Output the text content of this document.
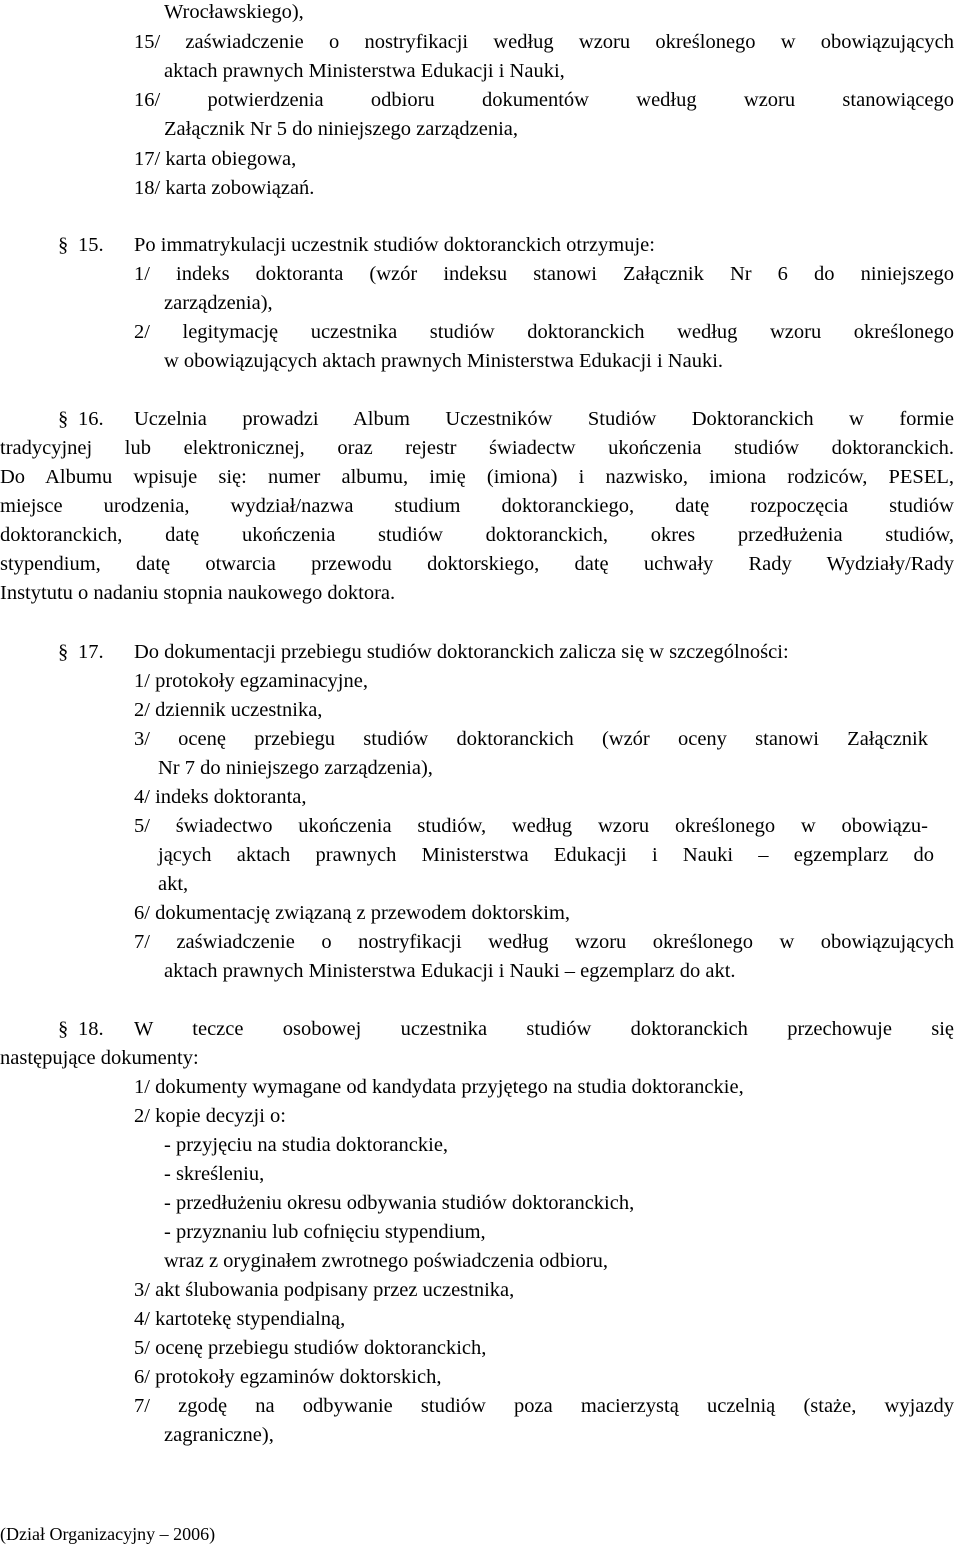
Wrocławskiego),
15/ zaświadczenie o nostryfikacji według wzoru określonego w obowiązujących
aktach prawnych Ministerstwa Edukacji i Nauki,
16/ potwierdzenia odbioru dokumentów według wzoru stanowiącego
Załącznik Nr 5 do niniejszego zarządzenia,
17/ karta obiegowa,
18/ karta zobowiązań.
§ 15. Po immatrykulacji uczestnik studiów doktoranckich otrzymuje:
1/ indeks doktoranta (wzór indeksu stanowi Załącznik Nr 6 do niniejszego
zarządzenia),
2/ legitymację uczestnika studiów doktoranckich według wzoru określonego
w obowiązujących aktach prawnych Ministerstwa Edukacji i Nauki.
§ 16. Uczelnia prowadzi Album Uczestników Studiów Doktoranckich w formie
tradycyjnej lub elektronicznej, oraz rejestr świadectw ukończenia studiów doktoranckich.
Do Albumu wpisuje się: numer albumu, imię (imiona) i nazwisko, imiona rodziców, PESEL,
miejsce urodzenia, wydział/nazwa studium doktoranckiego, datę rozpoczęcia studiów
doktoranckich, datę ukończenia studiów doktoranckich, okres przedłużenia studiów,
stypendium, datę otwarcia przewodu doktorskiego, datę uchwały Rady Wydziały/Rady
Instytutu o nadaniu stopnia naukowego doktora.
§ 17. Do dokumentacji przebiegu studiów doktoranckich zalicza się w szczególności:
1/ protokoły egzaminacyjne,
2/ dziennik uczestnika,
3/ ocenę przebiegu studiów doktoranckich (wzór oceny stanowi Załącznik
Nr 7 do niniejszego zarządzenia),
4/ indeks doktoranta,
5/ świadectwo ukończenia studiów, według wzoru określonego w obowiązu-
jących aktach prawnych Ministerstwa Edukacji i Nauki – egzemplarz do
akt,
6/ dokumentację związaną z przewodem doktorskim,
7/ zaświadczenie o nostryfikacji według wzoru określonego w obowiązujących
aktach prawnych Ministerstwa Edukacji i Nauki – egzemplarz do akt.
§ 18. W teczce osobowej uczestnika studiów doktoranckich przechowuje się
następujące dokumenty:
1/ dokumenty wymagane od kandydata przyjętego na studia doktoranckie,
2/ kopie decyzji o:
- przyjęciu na studia doktoranckie,
- skreśleniu,
- przedłużeniu okresu odbywania studiów doktoranckich,
- przyznaniu lub cofnięciu stypendium,
wraz z oryginałem zwrotnego poświadczenia odbioru,
3/ akt ślubowania podpisany przez uczestnika,
4/ kartotekę stypendialną,
5/ ocenę przebiegu studiów doktoranckich,
6/ protokoły egzaminów doktorskich,
7/ zgodę na odbywanie studiów poza macierzystą uczelnią (staże, wyjazdy
zagraniczne),
(Dział Organizacyjny – 2006)
